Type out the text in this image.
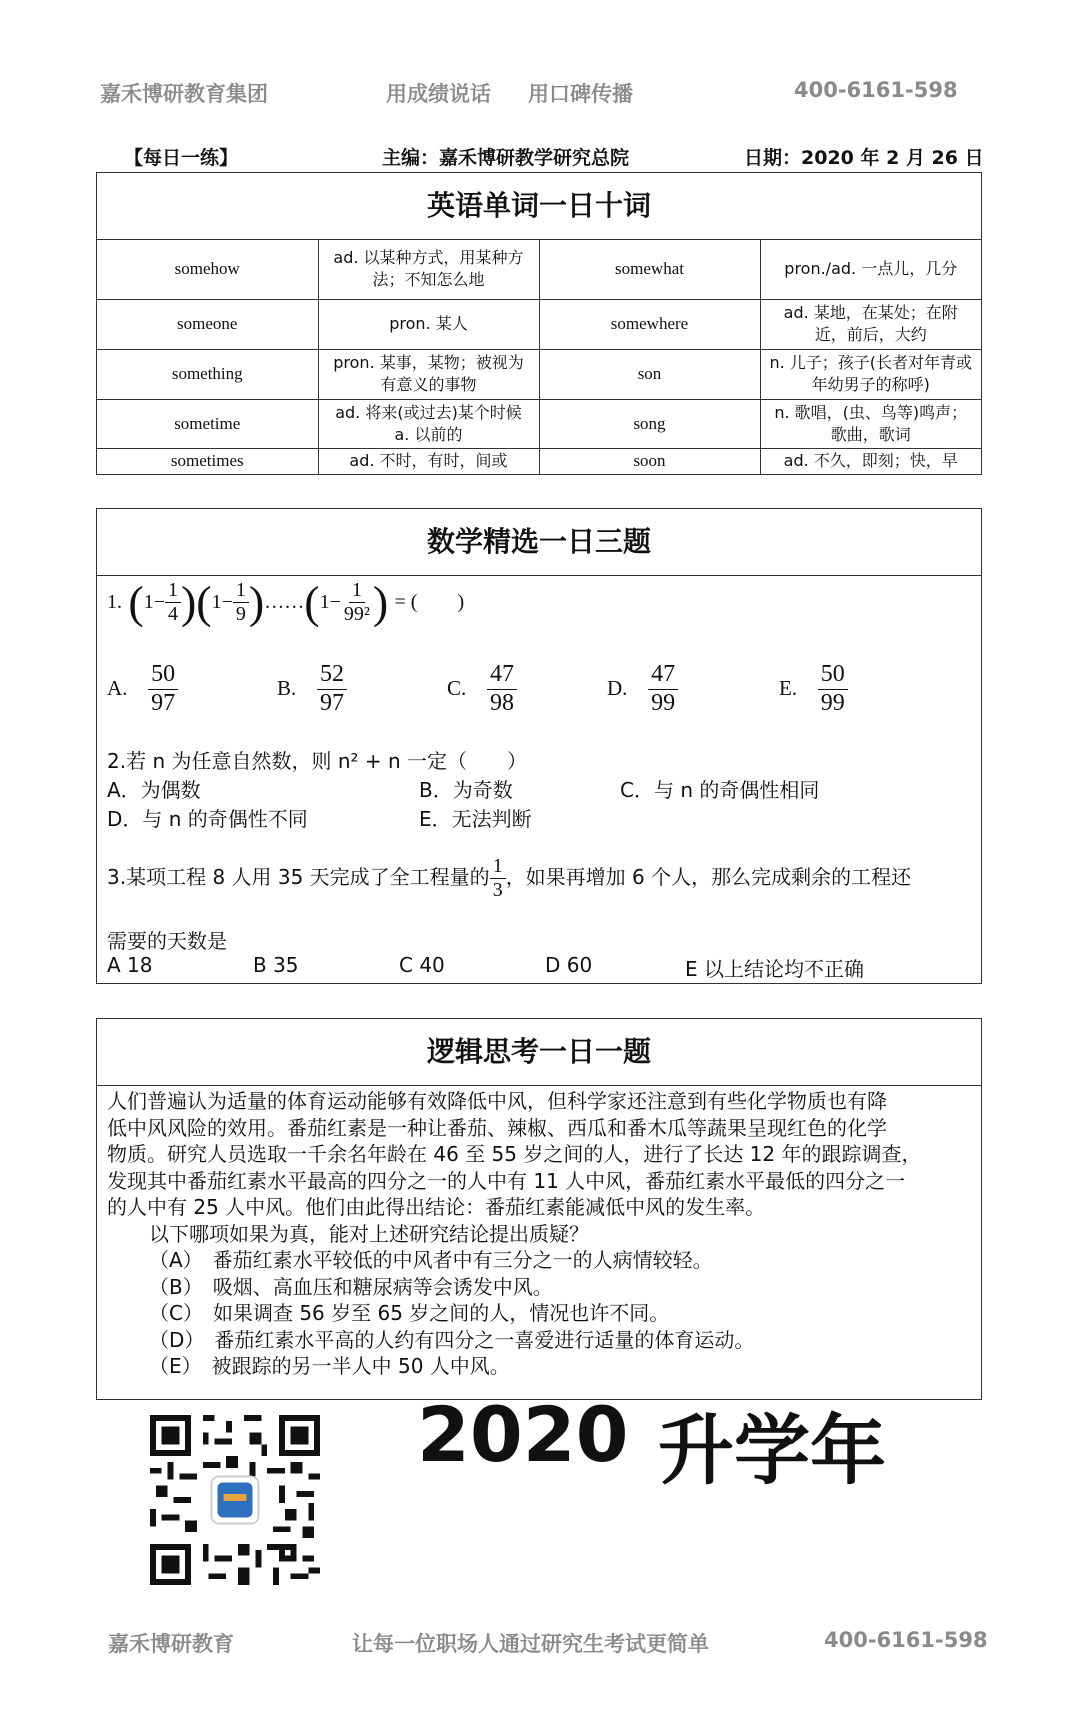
嘉禾博研教育集团	用成绩说话 用口碑传播	400-6161-598
【每日一练】	主编：嘉禾博研教学研究总院	日期：2020 年 2 月 26 日
英语单词一日十词
somehow	ad. 以某种方式，用某种方法；不知怎么地	somewhat	pron./ad. 一点儿，几分
someone	pron. 某人	somewhere	ad. 某地，在某处；在附近，前后，大约
something	pron. 某事，某物；被视为有意义的事物	son	n. 儿子；孩子(长者对年青或年幼男子的称呼)
sometime	ad. 将来(或过去)某个时候 a. 以前的	song	n. 歌唱，(虫、鸟等)鸣声；歌曲，歌词
sometimes	ad. 不时，有时，间或	soon	ad. 不久，即刻；快，早
数学精选一日三题
1. $(1- \frac{1}{4} )(1- \frac{1}{9}$ )……(1− $\frac{1}{\text{99²}}$ ) = (　　)
A. $\frac{50}{97}$	B. $\frac{52}{97}$	C. $\frac{47}{98}$	D. $\frac{47}{99}$	E. $\frac{50}{99}$
2.若 n 为任意自然数，则 n² + n 一定（　　）
A．为偶数	B．为奇数	C．与 n 的奇偶性相同
D．与 n 的奇偶性不同	E．无法判断
3.某项工程 8 人用 35 天完成了全工程量的 $\frac{1}{3}$ ，如果再增加 6 个人，那么完成剩余的工程还
需要的天数是
A 18	B 35	C 40	D 60	E 以上结论均不正确
逻辑思考一日一题

人们普遍认为适量的体育运动能够有效降低中风，但科学家还注意到有些化学物质也有降

低中风风险的效用。番茄红素是一种让番茄、辣椒、西瓜和番木瓜等蔬果呈现红色的化学

物质。研究人员选取一千余名年龄在 46 至 55 岁之间的人，进行了长达 12 年的跟踪调查，

发现其中番茄红素水平最高的四分之一的人中有 11 人中风，番茄红素水平最低的四分之一

的人中有 25 人中风。他们由此得出结论：番茄红素能减低中风的发生率。

以下哪项如果为真，能对上述研究结论提出质疑？

（A）　番茄红素水平较低的中风者中有三分之一的人病情较轻。

（B）　吸烟、高血压和糖尿病等会诱发中风。

（C）　如果调查 56 岁至 65 岁之间的人，情况也许不同。

（D）　番茄红素水平高的人约有四分之一喜爱进行适量的体育运动。

（E）　被跟踪的另一半人中 50 人中风。

2020 升学年
嘉禾博研教育	让每一位职场人通过研究生考试更简单	400-6161-598
